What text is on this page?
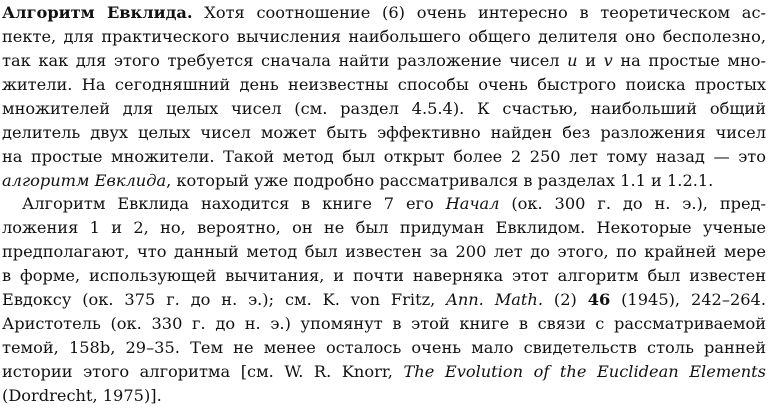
Алгоритм Евклида. Хотя соотношение (6) очень интересно в теоретическом ас-
пекте, для практического вычисления наибольшего общего делителя оно бесполезно,
так как для этого требуется сначала найти разложение чисел u и v на простые мно-
жители. На сегодняшний день неизвестны способы очень быстрого поиска простых
множителей для целых чисел (см. раздел 4.5.4). К счастью, наибольший общий
делитель двух целых чисел может быть эффективно найден без разложения чисел
на простые множители. Такой метод был открыт более 2 250 лет тому назад — это
алгоритм Евклида, который уже подробно рассматривался в разделах 1.1 и 1.2.1.
Алгоритм Евклида находится в книге 7 его Начал (ок. 300 г. до н. э.), пред-
ложения 1 и 2, но, вероятно, он не был придуман Евклидом. Некоторые ученые
предполагают, что данный метод был известен за 200 лет до этого, по крайней мере
в форме, использующей вычитания, и почти наверняка этот алгоритм был известен
Евдоксу (ок. 375 г. до н. э.); см. K. von Fritz, Ann. Math. (2) 46 (1945), 242–264.
Аристотель (ок. 330 г. до н. э.) упомянут в этой книге в связи с рассматриваемой
темой, 158b, 29–35. Тем не менее осталось очень мало свидетельств столь ранней
истории этого алгоритма [см. W. R. Knorr, The Evolution of the Euclidean Elements
(Dordrecht, 1975)].
